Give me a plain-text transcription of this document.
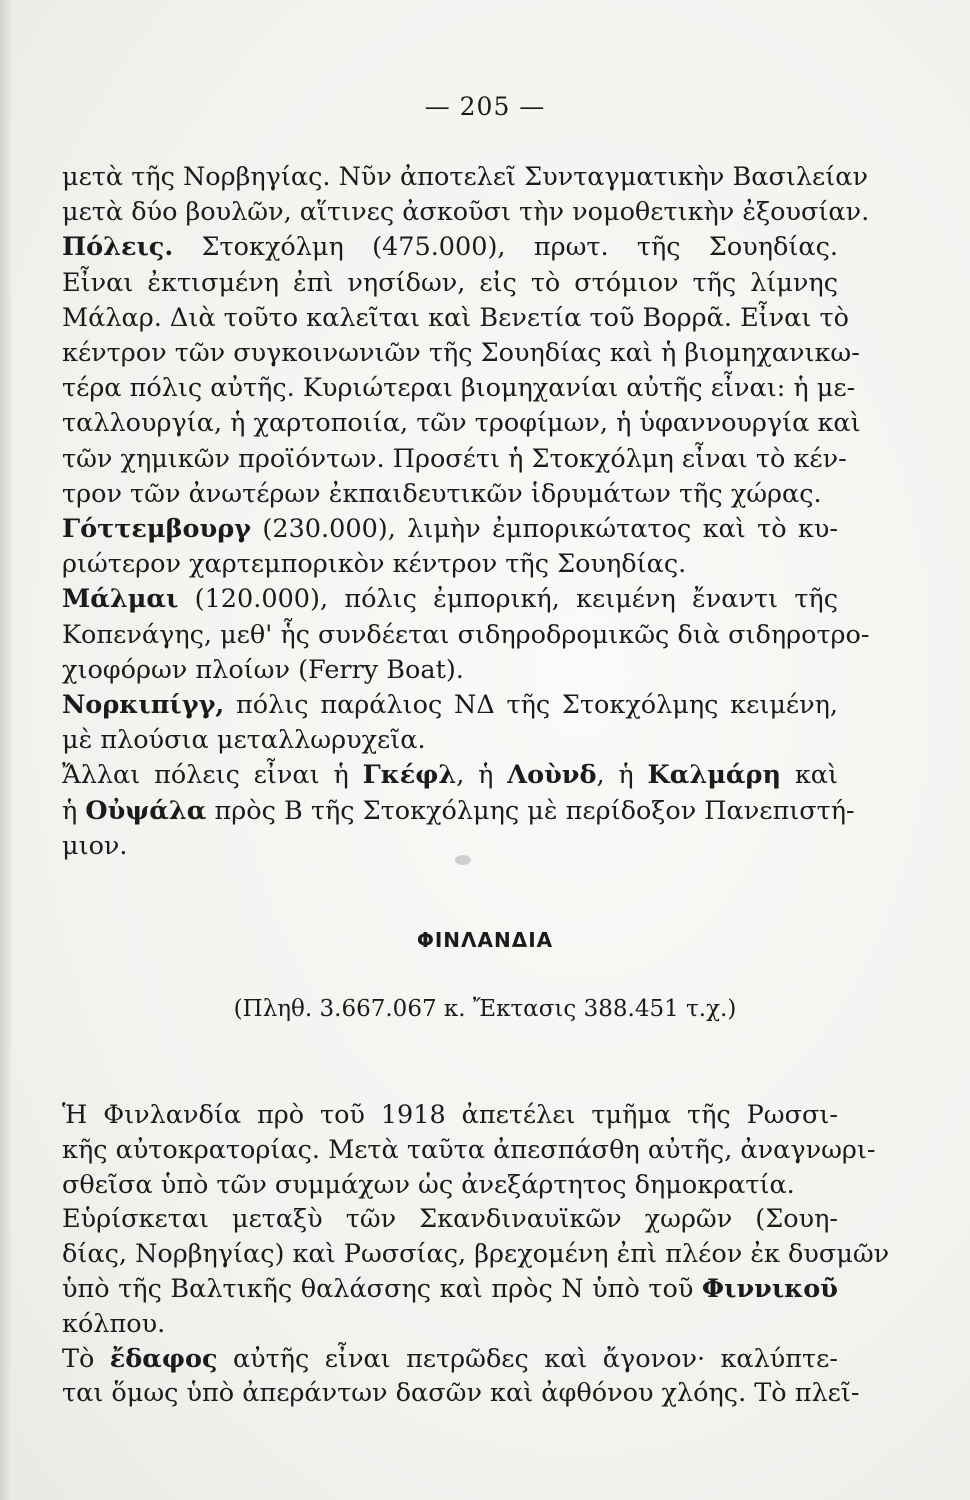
— 205 —
μετὰ τῆς Νορβηγίας. Νῦν ἀποτελεῖ Συνταγματικὴν Βασιλείαν
μετὰ δύο βουλῶν, αἵτινες ἀσκοῦσι τὴν νομοθετικὴν ἐξουσίαν.
Πόλεις. Στοκχόλμη (475.000), πρωτ. τῆς Σουηδίας.
Εἶναι ἐκτισμένη ἐπὶ νησίδων, εἰς τὸ στόμιον τῆς λίμνης
Μάλαρ. Διὰ τοῦτο καλεῖται καὶ Βενετία τοῦ Βορρᾶ. Εἶναι τὸ
κέντρον τῶν συγκοινωνιῶν τῆς Σουηδίας καὶ ἡ βιομηχανικω-
τέρα πόλις αὐτῆς. Κυριώτεραι βιομηχανίαι αὐτῆς εἶναι: ἡ με-
ταλλουργία, ἡ χαρτοποιία, τῶν τροφίμων, ἡ ὑφαννουργία καὶ
τῶν χημικῶν προϊόντων. Προσέτι ἡ Στοκχόλμη εἶναι τὸ κέν-
τρον τῶν ἀνωτέρων ἐκπαιδευτικῶν ἱδρυμάτων τῆς χώρας.
Γόττεμβουργ (230.000), λιμὴν ἐμπορικώτατος καὶ τὸ κυ-
ριώτερον χαρτεμπορικὸν κέντρον τῆς Σουηδίας.
Μάλμαι (120.000), πόλις ἐμπορική, κειμένη ἔναντι τῆς
Κοπενάγης, μεθ' ἧς συνδέεται σιδηροδρομικῶς διὰ σιδηροτρο-
χιοφόρων πλοίων (Ferry Boat).
Νορκιπίγγ, πόλις παράλιος ΝΔ τῆς Στοκχόλμης κειμένη,
μὲ πλούσια μεταλλωρυχεῖα.
Ἄλλαι πόλεις εἶναι ἡ Γκέφλ, ἡ Λοὺνδ, ἡ Καλμάρη καὶ
ἡ Οὐψάλα πρὸς Β τῆς Στοκχόλμης μὲ περίδοξον Πανεπιστή-
μιον.
ΦΙΝΛΑΝΔΙΑ
(Πληθ. 3.667.067 κ. Ἔκτασις 388.451 τ.χ.)
Ἡ Φινλανδία πρὸ τοῦ 1918 ἀπετέλει τμῆμα τῆς Ρωσσι-
κῆς αὐτοκρατορίας. Μετὰ ταῦτα ἀπεσπάσθη αὐτῆς, ἀναγνωρι-
σθεῖσα ὑπὸ τῶν συμμάχων ὡς ἀνεξάρτητος δημοκρατία.
Εὑρίσκεται μεταξὺ τῶν Σκανδιναυϊκῶν χωρῶν (Σουη-
δίας, Νορβηγίας) καὶ Ρωσσίας, βρεχομένη ἐπὶ πλέον ἐκ δυσμῶν
ὑπὸ τῆς Βαλτικῆς θαλάσσης καὶ πρὸς Ν ὑπὸ τοῦ Φιννικοῦ
κόλπου.
Τὸ ἔδαφος αὐτῆς εἶναι πετρῶδες καὶ ἄγονον· καλύπτε-
ται ὅμως ὑπὸ ἀπεράντων δασῶν καὶ ἀφθόνου χλόης. Τὸ πλεῖ-
